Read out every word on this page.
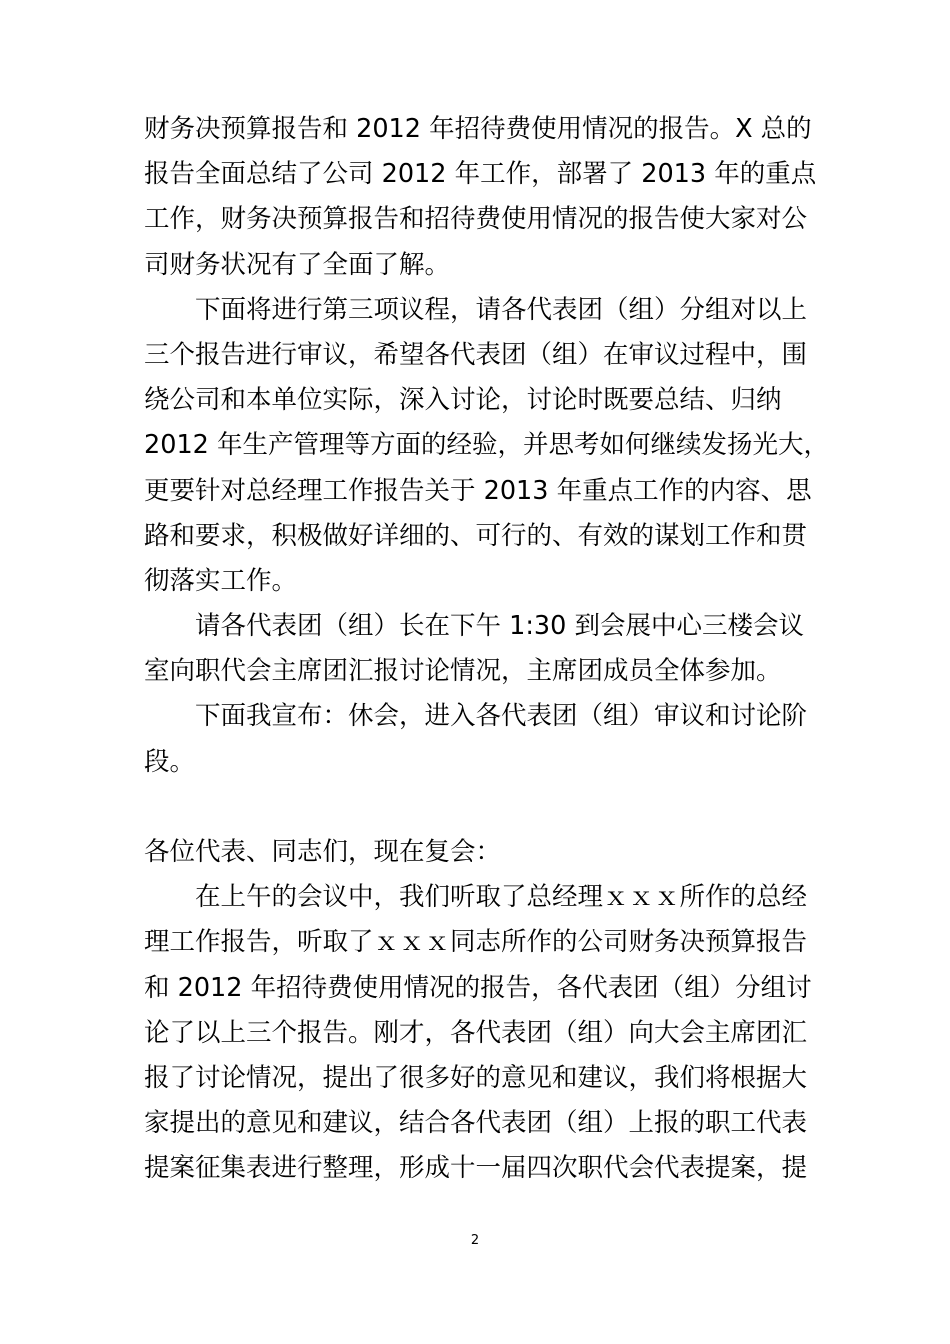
财务决预算报告和 2012 年招待费使用情况的报告。X 总的
报告全面总结了公司 2012 年工作，部署了 2013 年的重点
工作，财务决预算报告和招待费使用情况的报告使大家对公
司财务状况有了全面了解。
　　下面将进行第三项议程，请各代表团（组）分组对以上
三个报告进行审议，希望各代表团（组）在审议过程中，围
绕公司和本单位实际，深入讨论，讨论时既要总结、归纳
2012 年生产管理等方面的经验，并思考如何继续发扬光大，
更要针对总经理工作报告关于 2013 年重点工作的内容、思
路和要求，积极做好详细的、可行的、有效的谋划工作和贯
彻落实工作。
　　请各代表团（组）长在下午 1:30 到会展中心三楼会议
室向职代会主席团汇报讨论情况，主席团成员全体参加。
　　下面我宣布：休会，进入各代表团（组）审议和讨论阶
段。
各位代表、同志们，现在复会：
　　在上午的会议中，我们听取了总经理ｘｘｘ所作的总经
理工作报告，听取了ｘｘｘ同志所作的公司财务决预算报告
和 2012 年招待费使用情况的报告，各代表团（组）分组讨
论了以上三个报告。刚才，各代表团（组）向大会主席团汇
报了讨论情况，提出了很多好的意见和建议，我们将根据大
家提出的意见和建议，结合各代表团（组）上报的职工代表
提案征集表进行整理，形成十一届四次职代会代表提案，提
2
